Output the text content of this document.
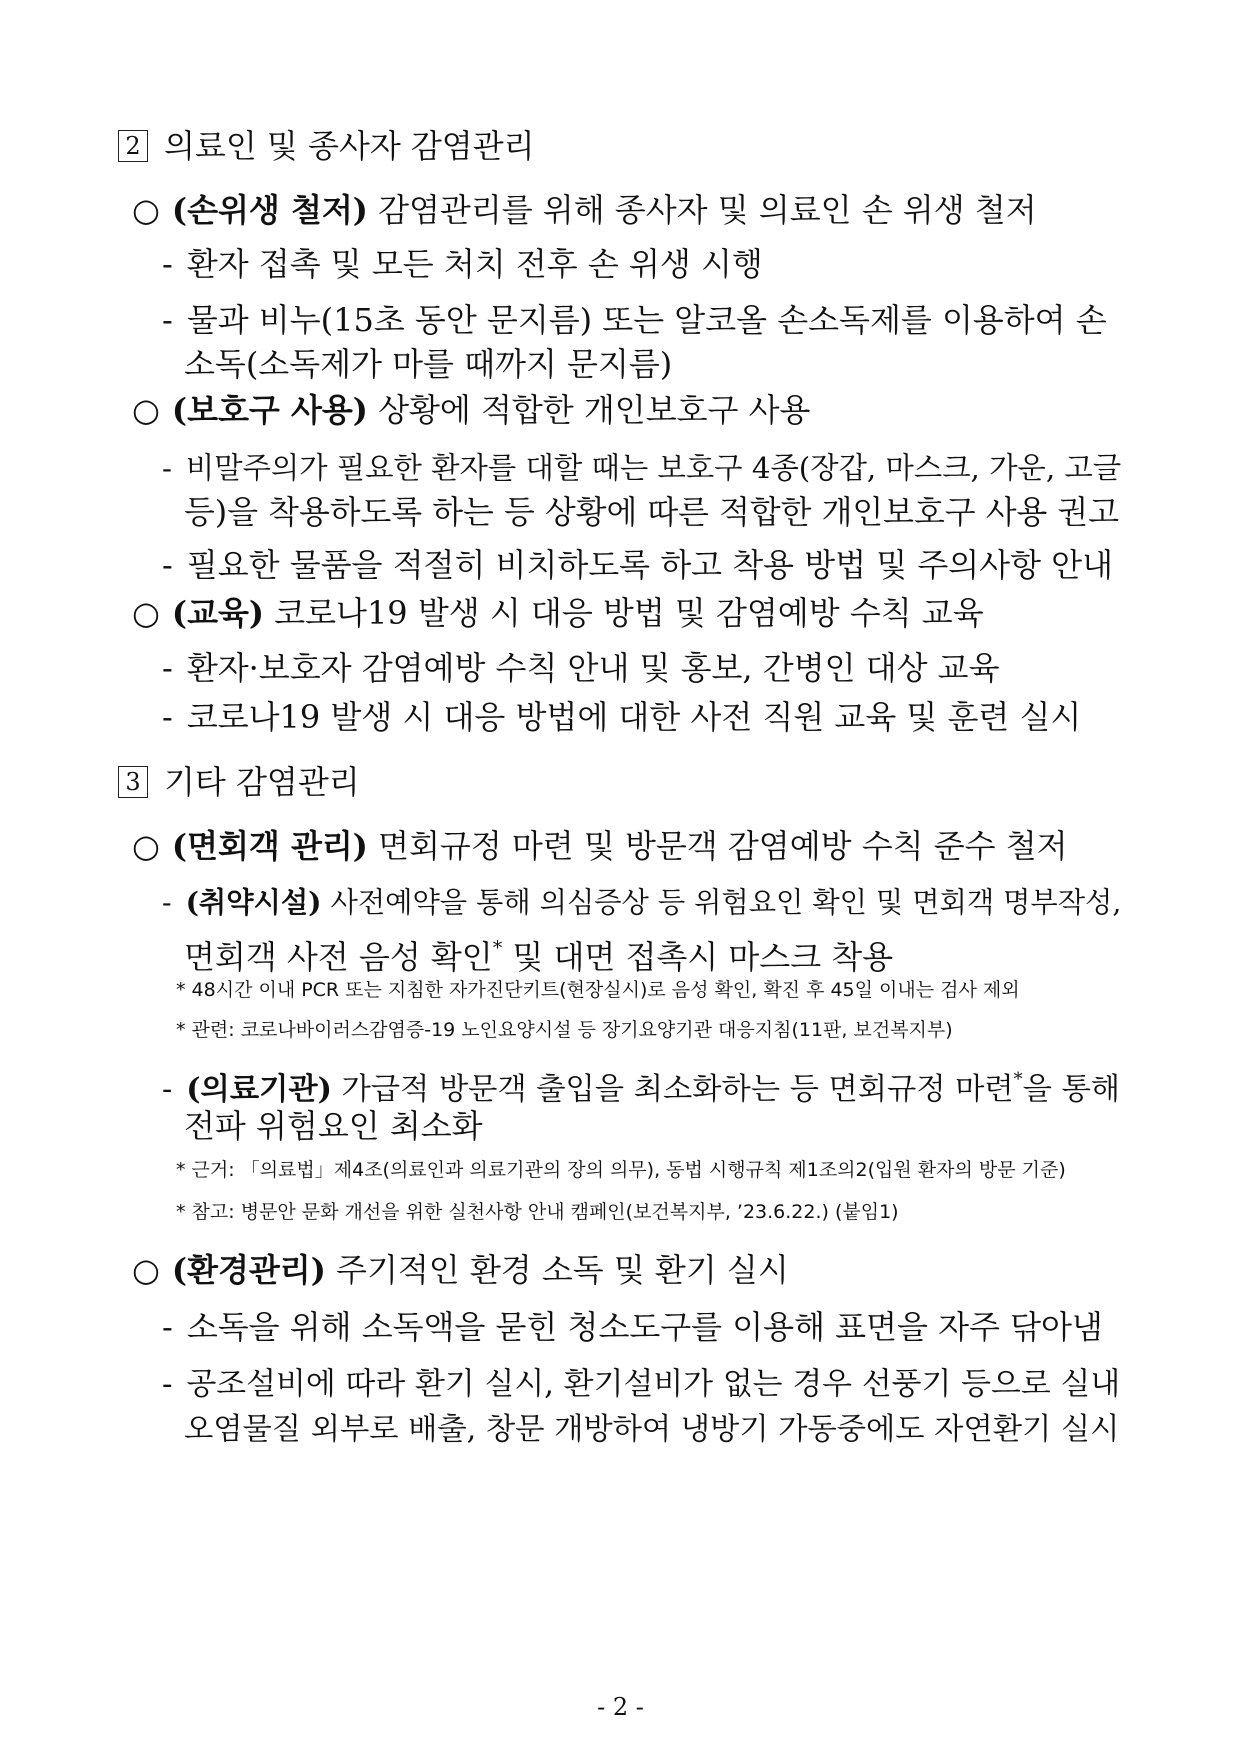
2 의료인 및 종사자 감염관리
○ (손위생 철저) 감염관리를 위해 종사자 및 의료인 손 위생 철저
- 환자 접촉 및 모든 처치 전후 손 위생 시행
- 물과 비누(15초 동안 문지름) 또는 알코올 손소독제를 이용하여 손
소독(소독제가 마를 때까지 문지름)
○ (보호구 사용) 상황에 적합한 개인보호구 사용
- 비말주의가 필요한 환자를 대할 때는 보호구 4종(장갑, 마스크, 가운, 고글
등)을 착용하도록 하는 등 상황에 따른 적합한 개인보호구 사용 권고
- 필요한 물품을 적절히 비치하도록 하고 착용 방법 및 주의사항 안내
○ (교육) 코로나19 발생 시 대응 방법 및 감염예방 수칙 교육
- 환자·보호자 감염예방 수칙 안내 및 홍보, 간병인 대상 교육
- 코로나19 발생 시 대응 방법에 대한 사전 직원 교육 및 훈련 실시
3 기타 감염관리
○ (면회객 관리) 면회규정 마련 및 방문객 감염예방 수칙 준수 철저
- (취약시설) 사전예약을 통해 의심증상 등 위험요인 확인 및 면회객 명부작성,
면회객 사전 음성 확인* 및 대면 접촉시 마스크 착용
* 48시간 이내 PCR 또는 지침한 자가진단키트(현장실시)로 음성 확인, 확진 후 45일 이내는 검사 제외
* 관련: 코로나바이러스감염증-19 노인요양시설 등 장기요양기관 대응지침(11판, 보건복지부)
- (의료기관) 가급적 방문객 출입을 최소화하는 등 면회규정 마련*을 통해
전파 위험요인 최소화
* 근거: 「의료법」제4조(의료인과 의료기관의 장의 의무), 동법 시행규칙 제1조의2(입원 환자의 방문 기준)
* 참고: 병문안 문화 개선을 위한 실천사항 안내 캠페인(보건복지부, ’23.6.22.) (붙임1)
○ (환경관리) 주기적인 환경 소독 및 환기 실시
- 소독을 위해 소독액을 묻힌 청소도구를 이용해 표면을 자주 닦아냄
- 공조설비에 따라 환기 실시, 환기설비가 없는 경우 선풍기 등으로 실내
오염물질 외부로 배출, 창문 개방하여 냉방기 가동중에도 자연환기 실시
- 2 -
